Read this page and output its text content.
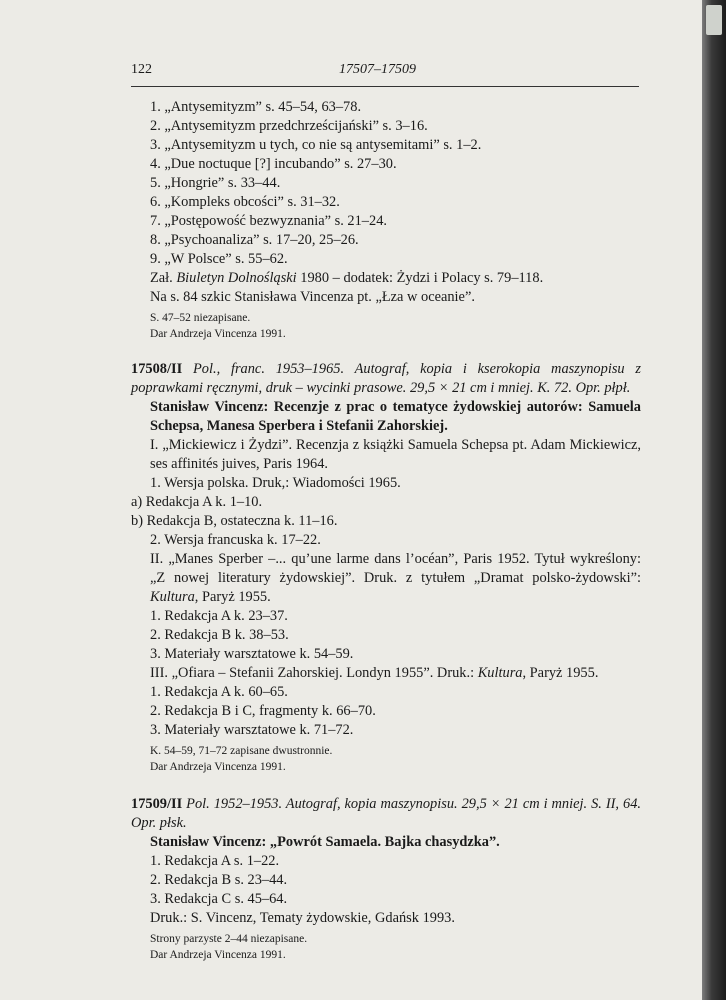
122	17507–17509

1. „Antysemityzm” s. 45–54, 63–78.

2. „Antysemityzm przedchrześcijański” s. 3–16.

3. „Antysemityzm u tych, co nie są antysemitami” s. 1–2.

4. „Due noctuque [?] incubando” s. 27–30.

5. „Hongrie” s. 33–44.

6. „Kompleks obcości” s. 31–32.

7. „Postępowość bezwyznania” s. 21–24.

8. „Psychoanaliza” s. 17–20, 25–26.

9. „W Polsce” s. 55–62.

Zał. Biuletyn Dolnośląski 1980 – dodatek: Żydzi i Polacy s. 79–118.

Na s. 84 szkic Stanisława Vincenza pt. „Łza w oceanie”.

S. 47–52 niezapisane.

Dar Andrzeja Vincenza 1991.

17508/II Pol., franc. 1953–1965. Autograf, kopia i kserokopia maszynopisu z poprawkami ręcznymi, druk – wycinki prasowe. 29,5 × 21 cm i mniej. K. 72. Opr. płpł.

Stanisław Vincenz: Recenzje z prac o tematyce żydowskiej autorów: Samuela Schepsa, Manesa Sperbera i Stefanii Zahorskiej.

I. „Mickiewicz i Żydzi”. Recenzja z książki Samuela Schepsa pt. Adam Mickiewicz, ses affinités juives, Paris 1964.

1. Wersja polska. Druk,: Wiadomości 1965.

a) Redakcja A k. 1–10.

b) Redakcja B, ostateczna k. 11–16.

2. Wersja francuska k. 17–22.

II. „Manes Sperber –... qu’une larme dans l’océan”, Paris 1952. Tytuł wykreślony: „Z nowej literatury żydowskiej”. Druk. z tytułem „Dramat polsko-żydowski”: Kultura, Paryż 1955.

1. Redakcja A k. 23–37.

2. Redakcja B k. 38–53.

3. Materiały warsztatowe k. 54–59.

III. „Ofiara – Stefanii Zahorskiej. Londyn 1955”. Druk.: Kultura, Paryż 1955.

1. Redakcja A k. 60–65.

2. Redakcja B i C, fragmenty k. 66–70.

3. Materiały warsztatowe k. 71–72.

K. 54–59, 71–72 zapisane dwustronnie.

Dar Andrzeja Vincenza 1991.

17509/II Pol. 1952–1953. Autograf, kopia maszynopisu. 29,5 × 21 cm i mniej. S. II, 64. Opr. płsk.

Stanisław Vincenz: „Powrót Samaela. Bajka chasydzka”.

1. Redakcja A s. 1–22.

2. Redakcja B s. 23–44.

3. Redakcja C s. 45–64.

Druk.: S. Vincenz, Tematy żydowskie, Gdańsk 1993.

Strony parzyste 2–44 niezapisane.

Dar Andrzeja Vincenza 1991.
